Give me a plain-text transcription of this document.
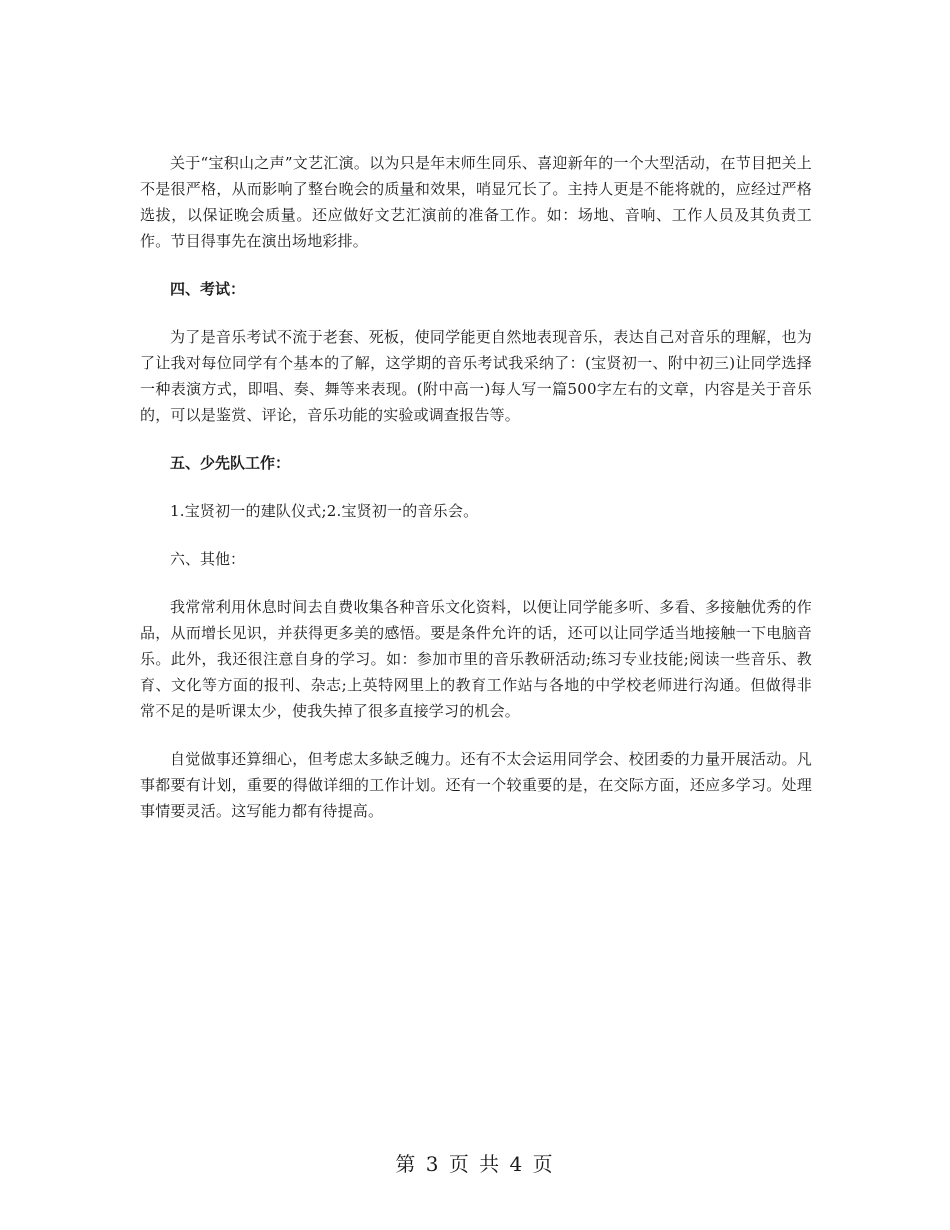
关于“宝积山之声”文艺汇演。以为只是年末师生同乐、喜迎新年的一个大型活动，在节目把关上不是很严格，从而影响了整台晚会的质量和效果，哨显冗长了。主持人更是不能将就的，应经过严格选拔，以保证晚会质量。还应做好文艺汇演前的准备工作。如：场地、音响、工作人员及其负责工作。节目得事先在演出场地彩排。

四、考试：

为了是音乐考试不流于老套、死板，使同学能更自然地表现音乐，表达自己对音乐的理解，也为了让我对每位同学有个基本的了解，这学期的音乐考试我采纳了：(宝贤初一、附中初三)让同学选择一种表演方式，即唱、奏、舞等来表现。(附中高一)每人写一篇500字左右的文章，内容是关于音乐的，可以是鉴赏、评论，音乐功能的实验或调查报告等。

五、少先队工作：

1.宝贤初一的建队仪式;2.宝贤初一的音乐会。

六、其他：

我常常利用休息时间去自费收集各种音乐文化资料，以便让同学能多听、多看、多接触优秀的作品，从而增长见识，并获得更多美的感悟。要是条件允许的话，还可以让同学适当地接触一下电脑音乐。此外，我还很注意自身的学习。如：参加市里的音乐教研活动;练习专业技能;阅读一些音乐、教育、文化等方面的报刊、杂志;上英特网里上的教育工作站与各地的中学校老师进行沟通。但做得非常不足的是听课太少，使我失掉了很多直接学习的机会。

自觉做事还算细心，但考虑太多缺乏魄力。还有不太会运用同学会、校团委的力量开展活动。凡事都要有计划，重要的得做详细的工作计划。还有一个较重要的是，在交际方面，还应多学习。处理事情要灵活。这写能力都有待提高。

第 3 页 共 4 页
